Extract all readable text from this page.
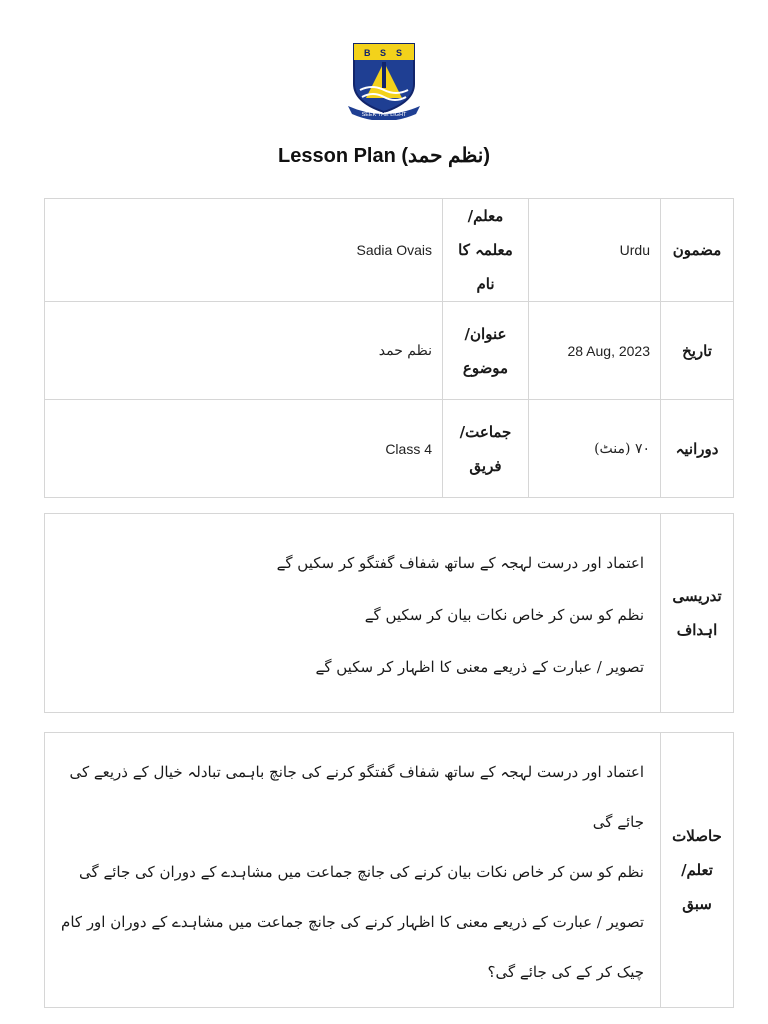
B S S
SEEK THE LIGHT
Lesson Plan (نظم حمد)
Sadia Ovais	معلم/معلمہ کا نام	Urdu	مضمون
نظم حمد	عنوان/ موضوع	28 Aug, 2023	تاریخ
Class 4	جماعت/ فریق	۷۰ (منٹ)	دورانیہ
اعتماد اور درست لہجہ کے ساتھ شفاف گفتگو کر سکیں گے
نظم کو سن کر خاص نکات بیان کر سکیں گے
تصویر / عبارت کے ذریعے معنی کا اظہار کر سکیں گے
	تدریسی اہداف
اعتماد اور درست لہجہ کے ساتھ شفاف گفتگو کرنے کی جانچ باہمی تبادلہ خیال کے ذریعے کی جائے گی
نظم کو سن کر خاص نکات بیان کرنے کی جانچ جماعت میں مشاہدے کے دوران کی جائے گی
تصویر / عبارت کے ذریعے معنی کا اظہار کرنے کی جانچ جماعت میں مشاہدے کے دوران اور کام چیک کر کے کی جائے گی؟
	حاصلات تعلم/ سبق
